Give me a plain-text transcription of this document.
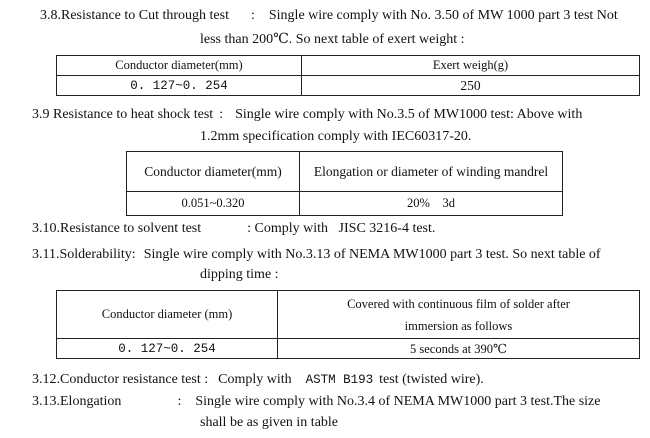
3.8.Resistance to Cut through test : Single wire comply with No. 3.50 of MW 1000 part 3 test Not
less than 200℃. So next table of exert weight :
Conductor diameter(mm)	Exert weigh(g)
0. 127~0. 254	250
3.9 Resistance to heat shock test : Single wire comply with No.3.5 of MW1000 test: Above with
1.2mm specification comply with IEC60317-20.
Conductor diameter(mm)	Elongation or diameter of winding mandrel
0.051~0.320	20%    3d
3.10.Resistance to solvent test	: Comply with   JISC 3216-4 test.
3.11.Solderability: Single wire comply with No.3.13 of NEMA MW1000 part 3 test. So next table of
dipping time :
Conductor diameter (mm)	Covered with continuous film of solder after
immersion as follows

0. 127~0. 254	5 seconds at 390℃
3.12.Conductor resistance test : Comply with ASTM B193 test (twisted wire).
3.13.Elongation	: Single wire comply with No.3.4 of NEMA MW1000 part 3 test.The size
shall be as given in table
